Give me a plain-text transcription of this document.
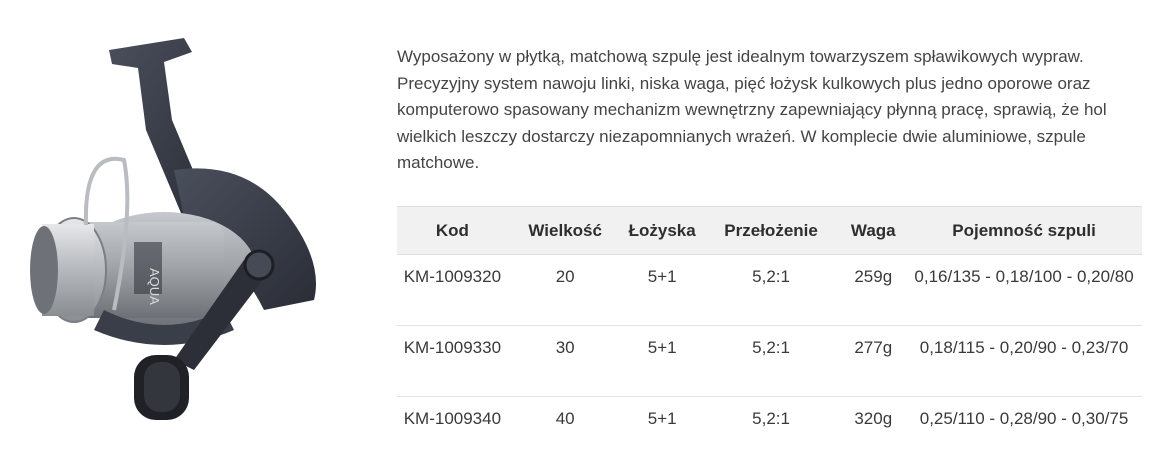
AQUA

Wyposażony w płytką, matchową szpulę jest idealnym towarzyszem spławikowych wypraw. Precyzyjny system nawoju linki, niska waga, pięć łożysk kulkowych plus jedno oporowe oraz komputerowo spasowany mechanizm wewnętrzny zapewniający płynną pracę, sprawią, że hol wielkich leszczy dostarczy niezapomnianych wrażeń. W komplecie dwie aluminiowe, szpule matchowe.

Kod	Wielkość	Łożyska	Przełożenie	Waga	Pojemność szpuli
KM-1009320	20	5+1	5,2:1	259g	0,16/135 - 0,18/100 - 0,20/80
KM-1009330	30	5+1	5,2:1	277g	0,18/115 - 0,20/90 - 0,23/70
KM-1009340	40	5+1	5,2:1	320g	0,25/110 - 0,28/90 - 0,30/75
